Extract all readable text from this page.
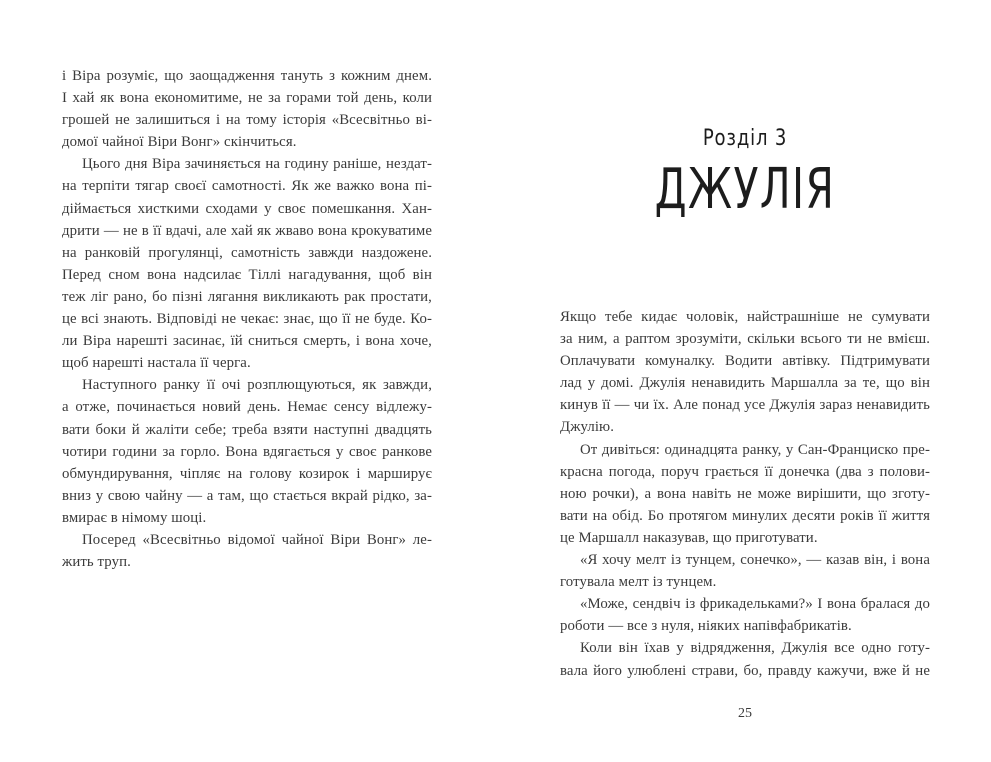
і Віра розуміє, що заощадження тануть з кожним днем.
І хай як вона економитиме, не за горами той день, коли
грошей не залишиться і на тому історія «Всесвітньо ві-
домої чайної Віри Вонг» скінчиться.
Цього дня Віра зачиняється на годину раніше, нездат-
на терпіти тягар своєї самотності. Як же важко вона пі-
діймається хисткими сходами у своє помешкання. Хан-
дрити — не в її вдачі, але хай як жваво вона крокуватиме
на ранковій прогулянці, самотність завжди наздожене.
Перед сном вона надсилає Тіллі нагадування, щоб він
теж ліг рано, бо пізні лягання викликають рак простати,
це всі знають. Відповіді не чекає: знає, що її не буде. Ко-
ли Віра нарешті засинає, їй сниться смерть, і вона хоче,
щоб нарешті настала її черга.
Наступного ранку її очі розплющуються, як завжди,
а отже, починається новий день. Немає сенсу відлежу-
вати боки й жаліти себе; треба взяти наступні двадцять
чотири години за горло. Вона вдягається у своє ранкове
обмундирування, чіпляє на голову козирок і марширує
вниз у свою чайну — а там, що стається вкрай рідко, за-
вмирає в німому шоці.
Посеред «Всесвітньо відомої чайної Віри Вонг» ле-
жить труп.
Розділ 3
ДЖУЛІЯ
Якщо тебе кидає чоловік, найстрашніше не сумувати
за ним, а раптом зрозуміти, скільки всього ти не вмієш.
Оплачувати комуналку. Водити автівку. Підтримувати
лад у домі. Джулія ненавидить Маршалла за те, що він
кинув її — чи їх. Але понад усе Джулія зараз ненавидить
Джулію.
От дивіться: одинадцята ранку, у Сан-Франциско пре-
красна погода, поруч грається її донечка (два з полови-
ною рочки), а вона навіть не може вирішити, що зготу-
вати на обід. Бо протягом минулих десяти років її життя
це Маршалл наказував, що приготувати.
«Я хочу мелт із тунцем, сонечко», — казав він, і вона
готувала мелт із тунцем.
«Може, сендвіч із фрикадельками?» І вона бралася до
роботи — все з нуля, ніяких напівфабрикатів.
Коли він їхав у відрядження, Джулія все одно готу-
вала його улюблені страви, бо, правду кажучи, вже й не
25
